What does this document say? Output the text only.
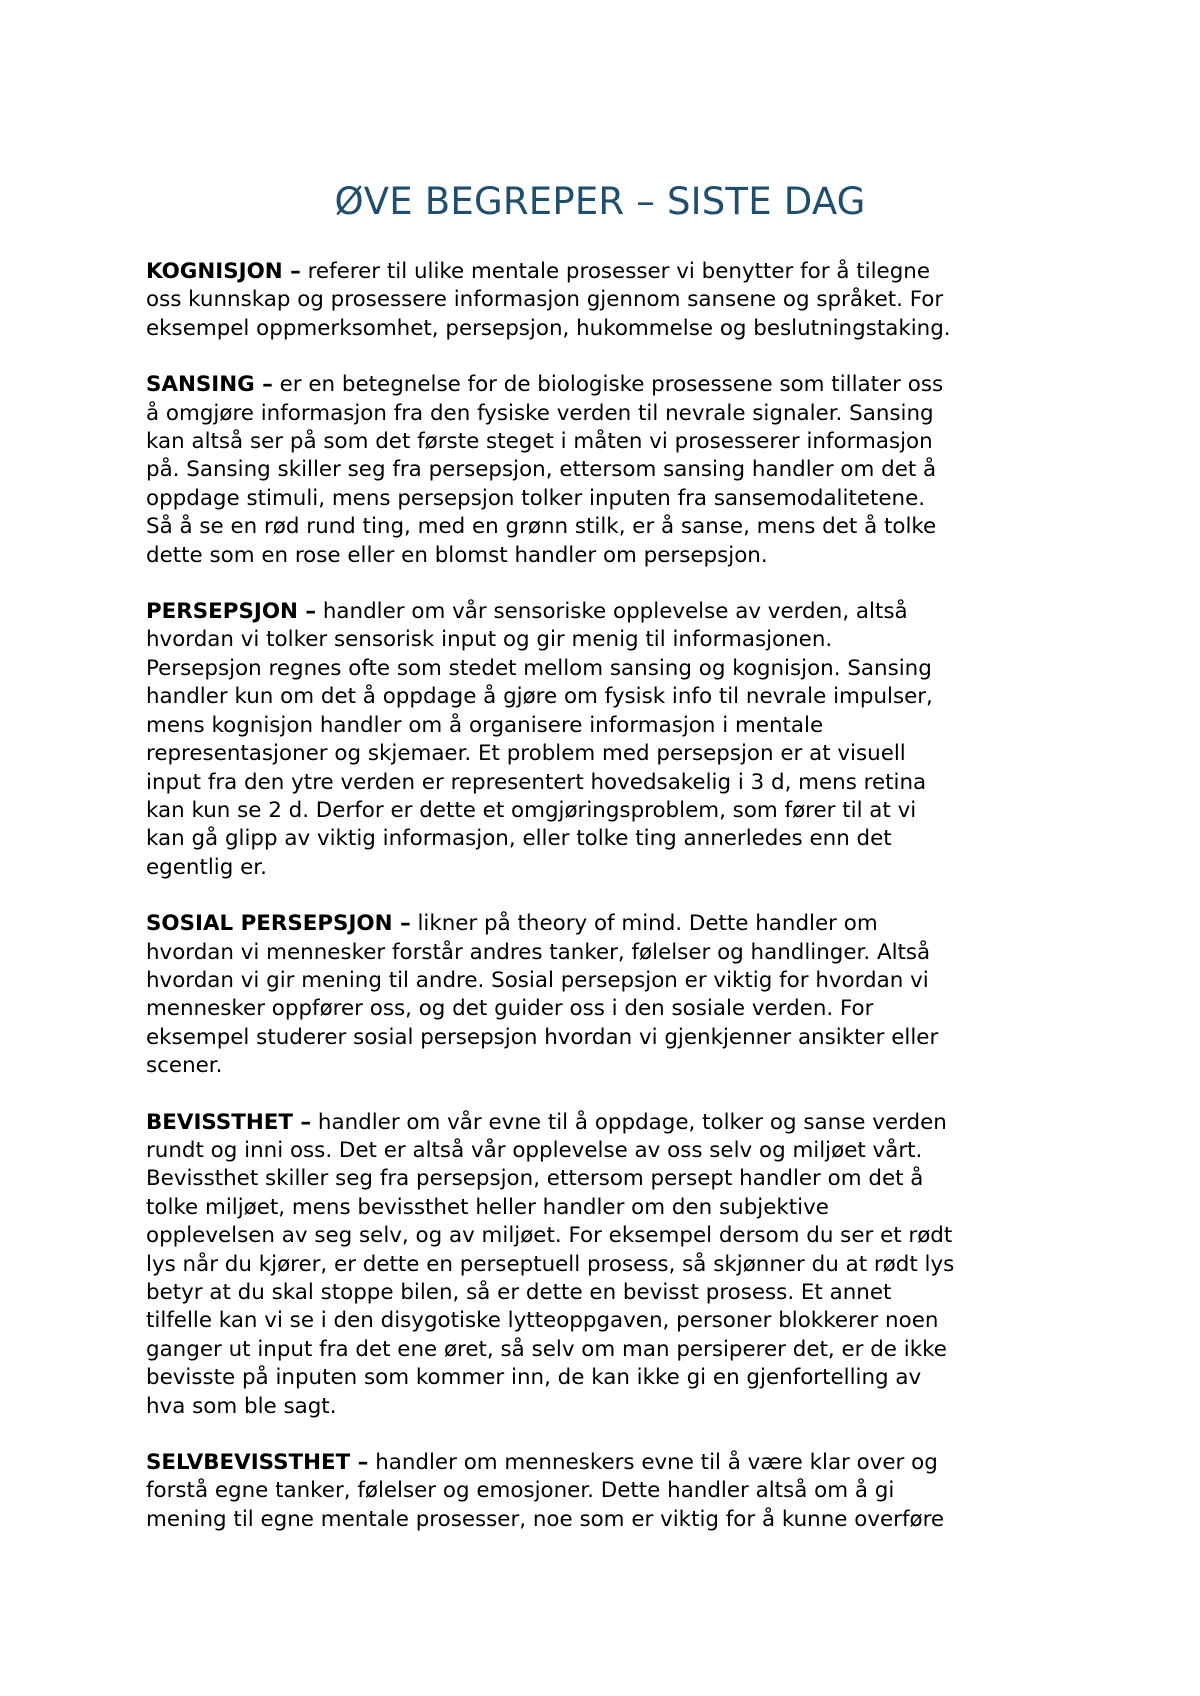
ØVE BEGREPER – SISTE DAG

KOGNISJON – referer til ulike mentale prosesser vi benytter for å tilegne
oss kunnskap og prosessere informasjon gjennom sansene og språket. For
eksempel oppmerksomhet, persepsjon, hukommelse og beslutningstaking.

SANSING – er en betegnelse for de biologiske prosessene som tillater oss
å omgjøre informasjon fra den fysiske verden til nevrale signaler. Sansing
kan altså ser på som det første steget i måten vi prosesserer informasjon
på. Sansing skiller seg fra persepsjon, ettersom sansing handler om det å
oppdage stimuli, mens persepsjon tolker inputen fra sansemodalitetene.
Så å se en rød rund ting, med en grønn stilk, er å sanse, mens det å tolke
dette som en rose eller en blomst handler om persepsjon.

PERSEPSJON – handler om vår sensoriske opplevelse av verden, altså
hvordan vi tolker sensorisk input og gir menig til informasjonen.
Persepsjon regnes ofte som stedet mellom sansing og kognisjon. Sansing
handler kun om det å oppdage å gjøre om fysisk info til nevrale impulser,
mens kognisjon handler om å organisere informasjon i mentale
representasjoner og skjemaer. Et problem med persepsjon er at visuell
input fra den ytre verden er representert hovedsakelig i 3 d, mens retina
kan kun se 2 d. Derfor er dette et omgjøringsproblem, som fører til at vi
kan gå glipp av viktig informasjon, eller tolke ting annerledes enn det
egentlig er.

SOSIAL PERSEPSJON – likner på theory of mind. Dette handler om
hvordan vi mennesker forstår andres tanker, følelser og handlinger. Altså
hvordan vi gir mening til andre. Sosial persepsjon er viktig for hvordan vi
mennesker oppfører oss, og det guider oss i den sosiale verden. For
eksempel studerer sosial persepsjon hvordan vi gjenkjenner ansikter eller
scener.

BEVISSTHET – handler om vår evne til å oppdage, tolker og sanse verden
rundt og inni oss. Det er altså vår opplevelse av oss selv og miljøet vårt.
Bevissthet skiller seg fra persepsjon, ettersom persept handler om det å
tolke miljøet, mens bevissthet heller handler om den subjektive
opplevelsen av seg selv, og av miljøet. For eksempel dersom du ser et rødt
lys når du kjører, er dette en perseptuell prosess, så skjønner du at rødt lys
betyr at du skal stoppe bilen, så er dette en bevisst prosess. Et annet
tilfelle kan vi se i den disygotiske lytteoppgaven, personer blokkerer noen
ganger ut input fra det ene øret, så selv om man persiperer det, er de ikke
bevisste på inputen som kommer inn, de kan ikke gi en gjenfortelling av
hva som ble sagt.

SELVBEVISSTHET – handler om menneskers evne til å være klar over og
forstå egne tanker, følelser og emosjoner. Dette handler altså om å gi
mening til egne mentale prosesser, noe som er viktig for å kunne overføre
